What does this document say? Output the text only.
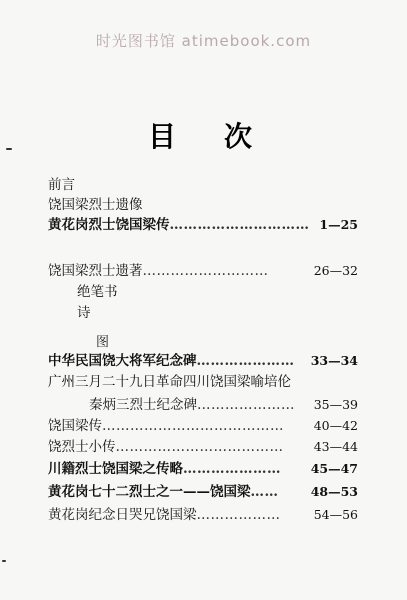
时光图书馆 atimebook.com
目次
前言
饶国梁烈士遗像
黄花岗烈士饶国梁传………………………… 1—25
饶国梁烈士遗著………………………	26—32
绝笔书
诗
图
中华民国饶大将军纪念碑………………… 33—34
广州三月二十九日革命四川饶国梁喻培伦
秦炳三烈士纪念碑………………… 35—39
饶国梁传………………………………… 40—42
饶烈士小传……………………………… 43—44
川籍烈士饶国梁之传略………………… 45—47
黄花岗七十二烈士之一——饶国梁……	48—53
黄花岗纪念日哭兄饶国梁………………	54—56
